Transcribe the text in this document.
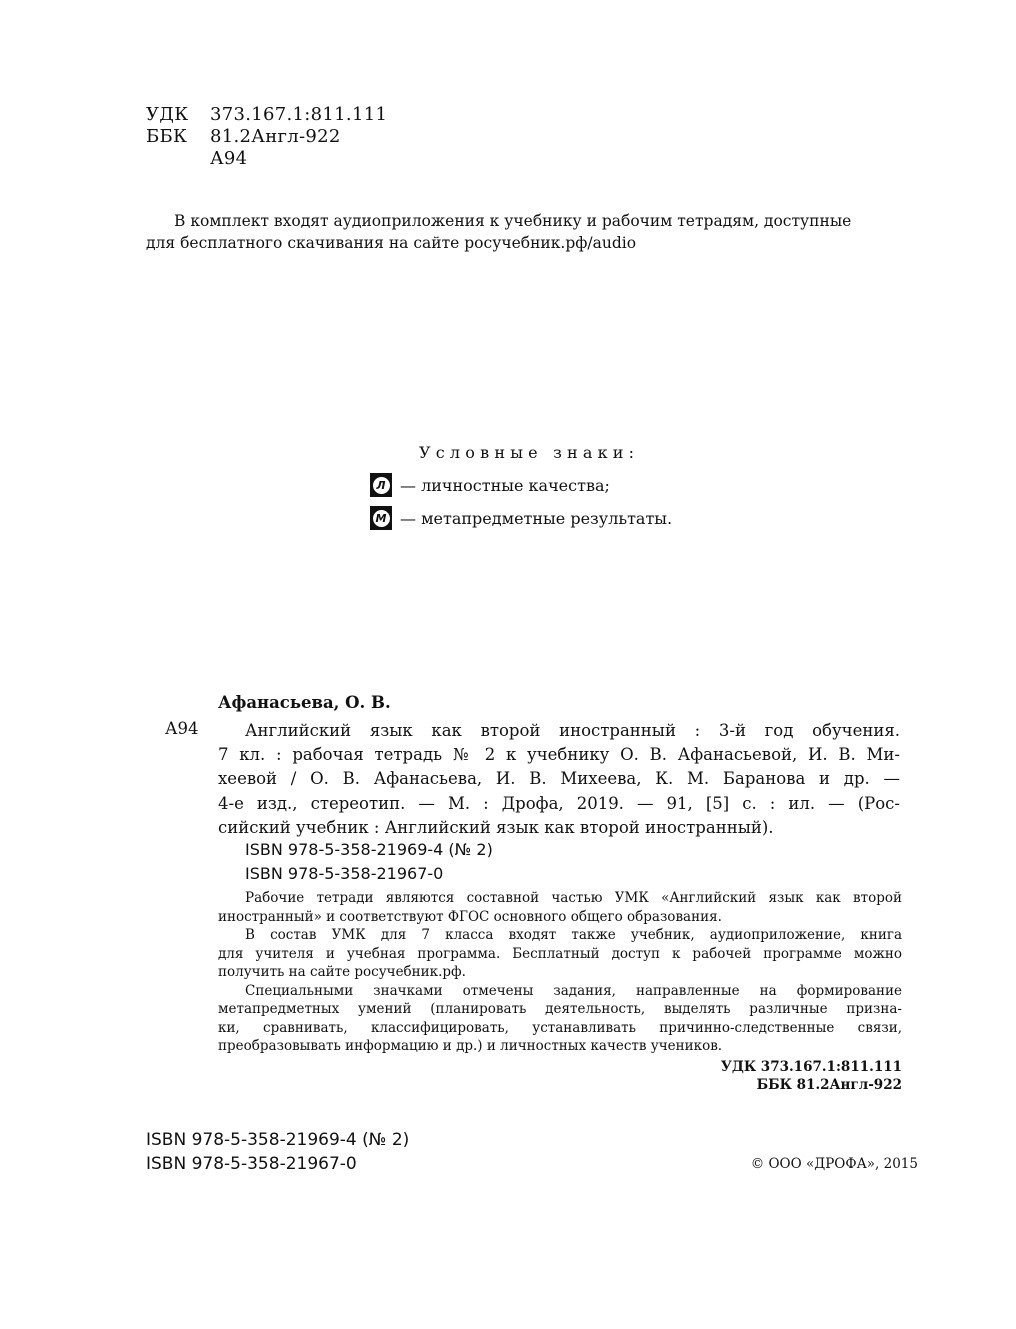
УДК 373.167.1:811.111
ББК 81.2Англ-922
А94
В комплект входят аудиоприложения к учебнику и рабочим тетрадям, доступные
для бесплатного скачивания на сайте росучебник.рф/audio
Условные знаки:
Л — личностные качества;
М — метапредметные результаты.
Афанасьева, О. В.
А94	Английский язык как второй иностранный : 3-й год обучения.
7 кл. : рабочая тетрадь № 2 к учебнику О. В. Афанасьевой, И. В. Ми-
хеевой / О. В. Афанасьева, И. В. Михеева, К. М. Баранова и др. —
4-е изд., стереотип. — М. : Дрофа, 2019. — 91, [5] с. : ил. — (Рос-
сийский учебник : Английский язык как второй иностранный).
ISBN 978-5-358-21969-4 (№ 2)
ISBN 978-5-358-21967-0
Рабочие тетради являются составной частью УМК «Английский язык как второй
иностранный» и соответствуют ФГОС основного общего образования.
В состав УМК для 7 класса входят также учебник, аудиоприложение, книга
для учителя и учебная программа. Бесплатный доступ к рабочей программе можно
получить на сайте росучебник.рф.
Специальными значками отмечены задания, направленные на формирование
метапредметных умений (планировать деятельность, выделять различные призна-
ки, сравнивать, классифицировать, устанавливать причинно-следственные связи,
преобразовывать информацию и др.) и личностных качеств учеников.
УДК 373.167.1:811.111
ББК 81.2Англ-922
ISBN 978-5-358-21969-4 (№ 2)
ISBN 978-5-358-21967-0	© ООО «ДРОФА», 2015
